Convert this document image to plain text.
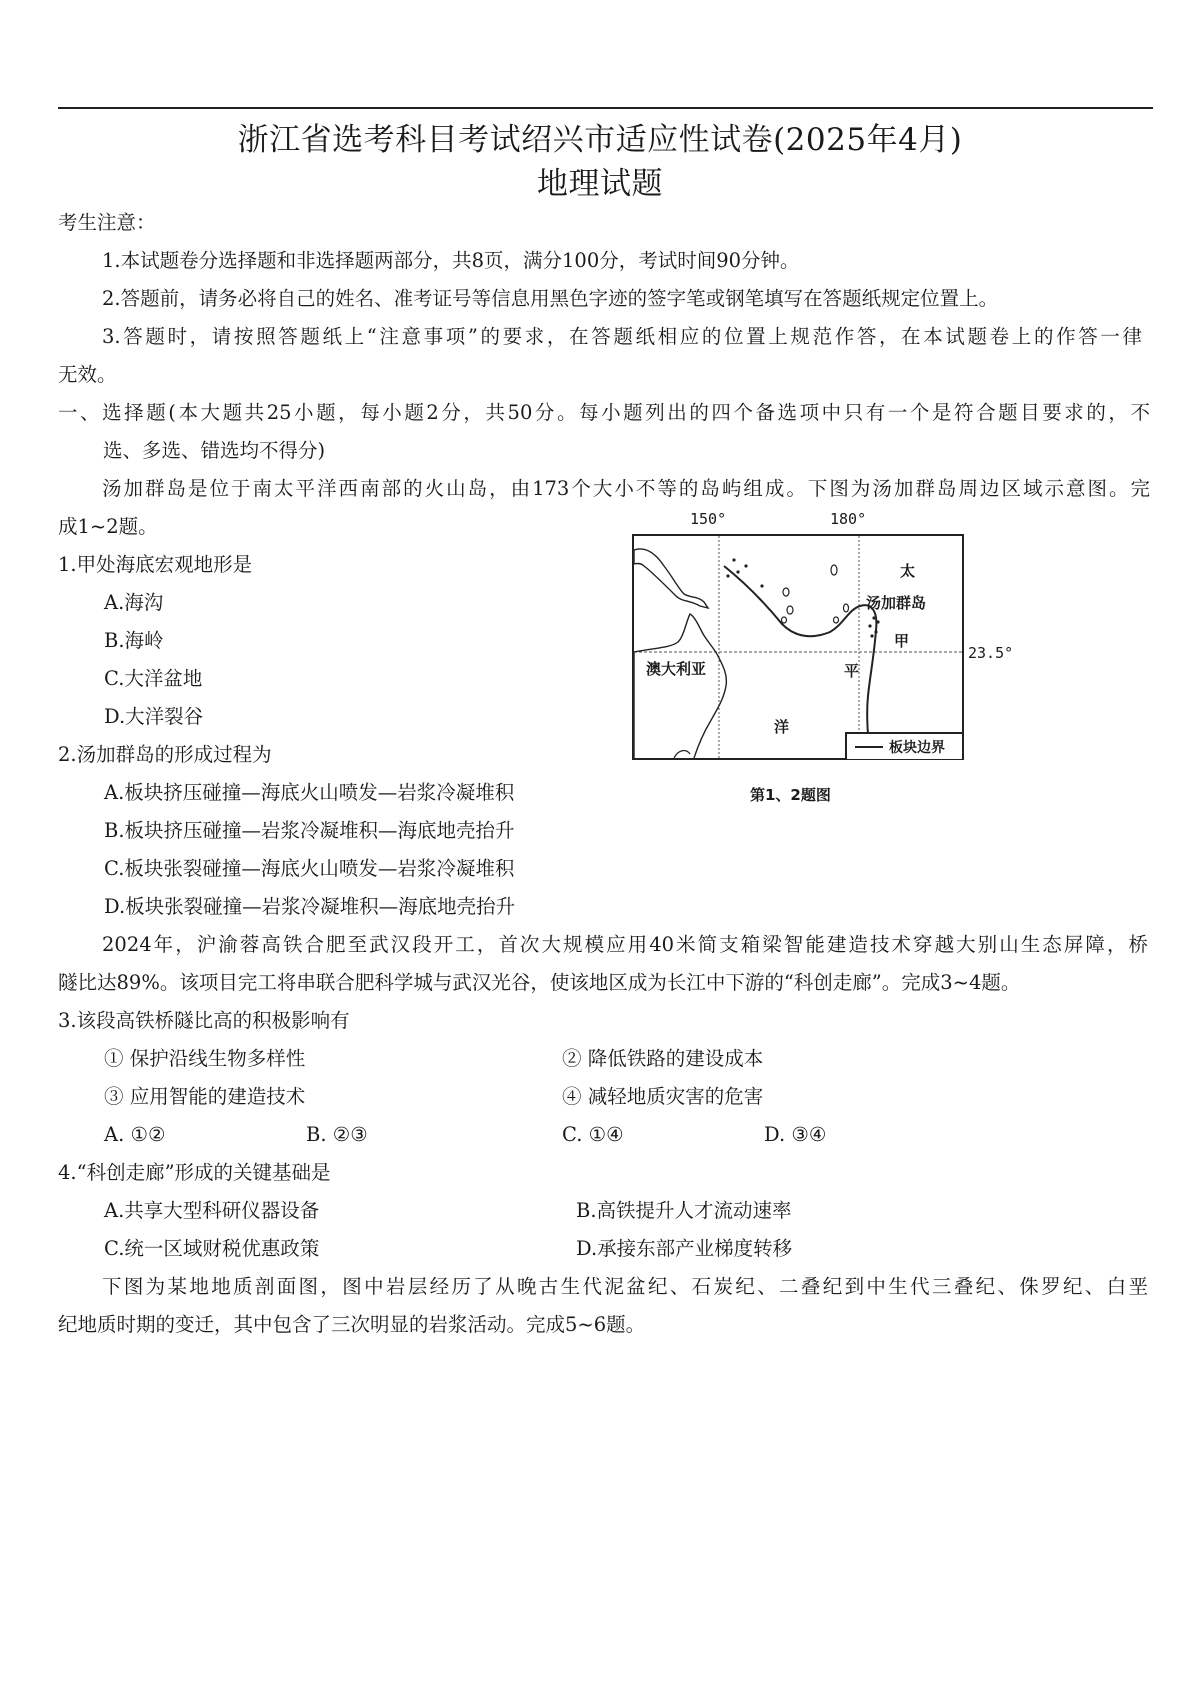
浙江省选考科目考试绍兴市适应性试卷(2025年4月)
地理试题
考生注意：
1.本试题卷分选择题和非选择题两部分，共8页，满分100分，考试时间90分钟。
2.答题前，请务必将自己的姓名、准考证号等信息用黑色字迹的签字笔或钢笔填写在答题纸规定位置上。
3.答题时，请按照答题纸上“注意事项”的要求，在答题纸相应的位置上规范作答，在本试题卷上的作答一律
无效。
一、选择题(本大题共25小题，每小题2分，共50分。每小题列出的四个备选项中只有一个是符合题目要求的，不
选、多选、错选均不得分)
汤加群岛是位于南太平洋西南部的火山岛，由173个大小不等的岛屿组成。下图为汤加群岛周边区域示意图。完
成1~2题。
1.甲处海底宏观地形是
A.海沟
B.海岭
C.大洋盆地
D.大洋裂谷
2.汤加群岛的形成过程为
A.板块挤压碰撞—海底火山喷发—岩浆冷凝堆积
B.板块挤压碰撞—岩浆冷凝堆积—海底地壳抬升
C.板块张裂碰撞—海底火山喷发—岩浆冷凝堆积
D.板块张裂碰撞—岩浆冷凝堆积—海底地壳抬升
150°	180°
23.5°
澳大利亚
汤加群岛
太
甲
平
洋
板块边界
第1、2题图
2024年，沪渝蓉高铁合肥至武汉段开工，首次大规模应用40米简支箱梁智能建造技术穿越大别山生态屏障，桥
隧比达89%。该项目完工将串联合肥科学城与武汉光谷，使该地区成为长江中下游的“科创走廊”。完成3~4题。
3.该段高铁桥隧比高的积极影响有
① 保护沿线生物多样性	② 降低铁路的建设成本
③ 应用智能的建造技术	④ 减轻地质灾害的危害
A. ①②	B. ②③	C. ①④	D. ③④
4.“科创走廊”形成的关键基础是
A.共享大型科研仪器设备	B.高铁提升人才流动速率
C.统一区域财税优惠政策	D.承接东部产业梯度转移
下图为某地地质剖面图，图中岩层经历了从晚古生代泥盆纪、石炭纪、二叠纪到中生代三叠纪、侏罗纪、白垩
纪地质时期的变迁，其中包含了三次明显的岩浆活动。完成5~6题。
